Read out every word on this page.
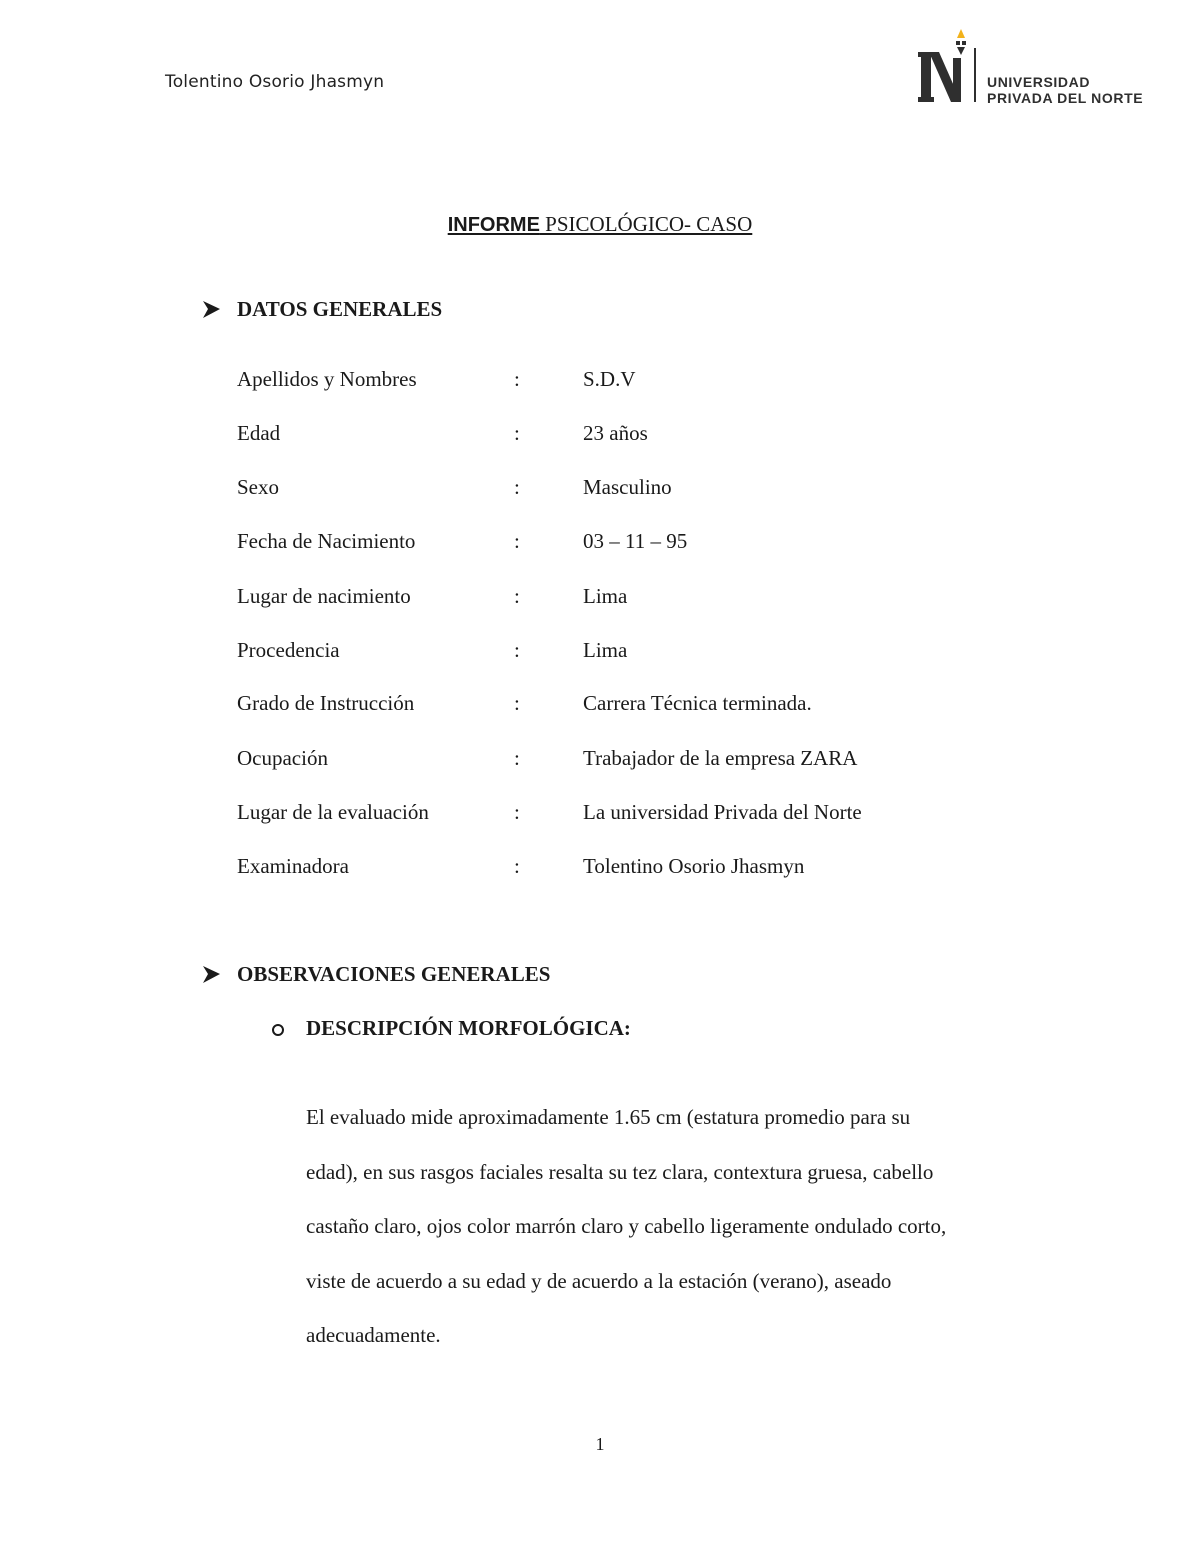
Tolentino Osorio Jhasmyn	UNIVERSIDAD
PRIVADA DEL NORTE
INFORME PSICOLÓGICO- CASO
DATOS GENERALES
Apellidos y Nombres	:	S.D.V
Edad	:	23 años
Sexo	:	Masculino
Fecha de Nacimiento	:	03 – 11 – 95
Lugar de nacimiento	:	Lima
Procedencia	:	Lima
Grado de Instrucción	:	Carrera Técnica terminada.
Ocupación	:	Trabajador de la empresa ZARA
Lugar de la evaluación	:	La universidad Privada del Norte
Examinadora	:	Tolentino Osorio Jhasmyn
OBSERVACIONES GENERALES
DESCRIPCIÓN MORFOLÓGICA:
El evaluado mide aproximadamente 1.65 cm (estatura promedio para su
edad), en sus rasgos faciales resalta su tez clara, contextura gruesa, cabello
castaño claro, ojos color marrón claro y cabello ligeramente ondulado corto,
viste de acuerdo a su edad y de acuerdo a la estación (verano), aseado
adecuadamente.
1
